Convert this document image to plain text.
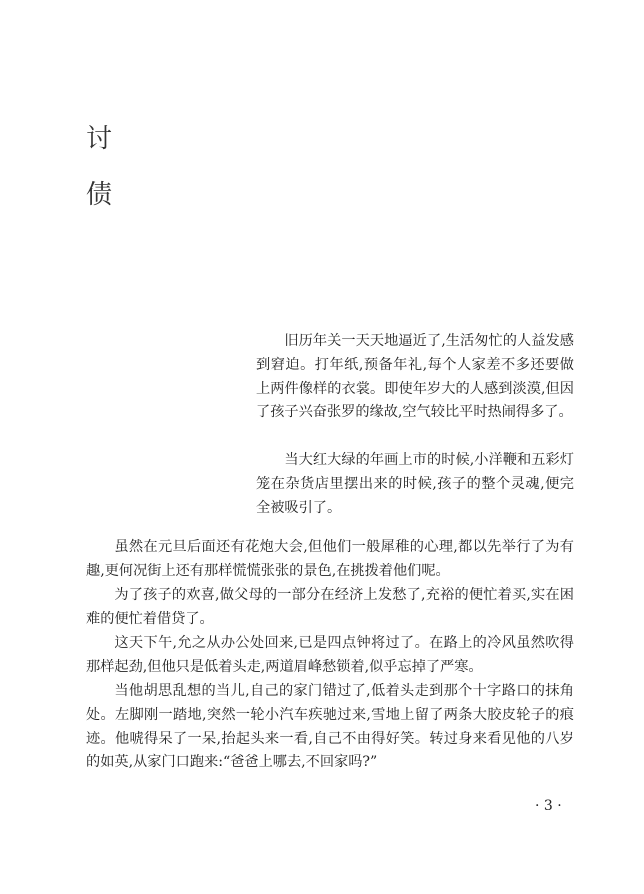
讨

债

旧历年关一天天地逼近了,生活匆忙的人益发感到窘迫。打年纸,预备年礼,每个人家差不多还要做上两件像样的衣裳。即使年岁大的人感到淡漠,但因了孩子兴奋张罗的缘故,空气较比平时热闹得多了。

当大红大绿的年画上市的时候,小洋鞭和五彩灯笼在杂货店里摆出来的时候,孩子的整个灵魂,便完全被吸引了。

虽然在元旦后面还有花炮大会,但他们一般犀稚的心理,都以先举行了为有趣,更何况街上还有那样慌慌张张的景色,在挑拨着他们呢。

为了孩子的欢喜,做父母的一部分在经济上发愁了,充裕的便忙着买,实在困难的便忙着借贷了。

这天下午,允之从办公处回来,已是四点钟将过了。在路上的冷风虽然吹得那样起劲,但他只是低着头走,两道眉峰愁锁着,似乎忘掉了严寒。

当他胡思乱想的当儿,自己的家门错过了,低着头走到那个十字路口的抹角处。左脚刚一踏地,突然一轮小汽车疾驰过来,雪地上留了两条大胶皮轮子的痕迹。他唬得呆了一呆,抬起头来一看,自己不由得好笑。转过身来看见他的八岁的如英,从家门口跑来:“爸爸上哪去,不回家吗?”

· 3 ·
